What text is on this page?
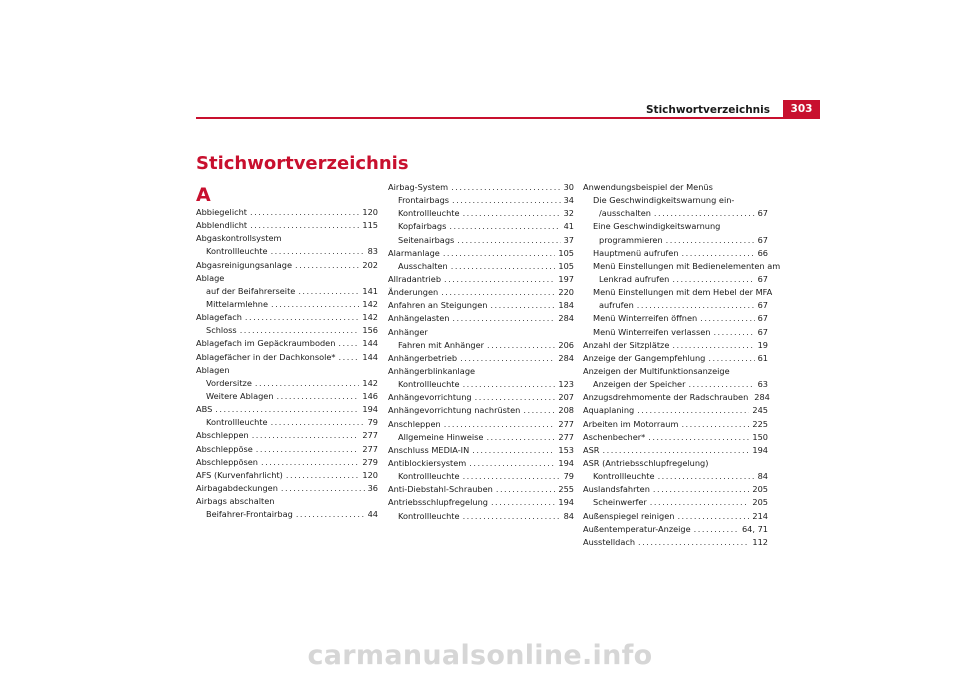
Stichwortverzeichnis	303
Stichwortverzeichnis
A
Abbiegelicht .....	120
Abblendlicht .....	115
Abgaskontrollsystem
Kontrollleuchte .....	83
Abgasreinigungsanlage .....	202
Ablage
auf der Beifahrerseite .....	141
Mittelarmlehne .....	142
Ablagefach .....	142
Schloss .....	156
Ablagefach im Gepäckraumboden .....	144
Ablagefächer in der Dachkonsole* .....	144
Ablagen
Vordersitze .....	142
Weitere Ablagen .....	146
ABS .....	194
Kontrollleuchte .....	79
Abschleppen .....	277
Abschleppöse .....	277
Abschleppösen .....	279
AFS (Kurvenfahrlicht) .....	120
Airbagabdeckungen .....	36
Airbags abschalten
Beifahrer-Frontairbag .....	44
Airbag-System .....	30
Frontairbags .....	34
Kontrollleuchte .....	32
Kopfairbags .....	41
Seitenairbags .....	37
Alarmanlage .....	105
Ausschalten .....	105
Allradantrieb .....	197
Änderungen .....	220
Anfahren an Steigungen .....	184
Anhängelasten .....	284
Anhänger
Fahren mit Anhänger .....	206
Anhängerbetrieb .....	284
Anhängerblinkanlage
Kontrollleuchte .....	123
Anhängevorrichtung .....	207
Anhängevorrichtung nachrüsten .....	208
Anschleppen .....	277
Allgemeine Hinweise .....	277
Anschluss MEDIA-IN .....	153
Antiblockiersystem .....	194
Kontrollleuchte .....	79
Anti-Diebstahl-Schrauben .....	255
Antriebsschlupfregelung .....	194
Kontrollleuchte .....	84
Anwendungsbeispiel der Menüs
Die Geschwindigkeitswarnung ein-
/ausschalten .....	67
Eine Geschwindigkeitswarnung
programmieren .....	67
Hauptmenü aufrufen .....	66
Menü Einstellungen mit Bedienelementen am
Lenkrad aufrufen .....	67
Menü Einstellungen mit dem Hebel der MFA
aufrufen .....	67
Menü Winterreifen öffnen .....	67
Menü Winterreifen verlassen .....	67
Anzahl der Sitzplätze .....	19
Anzeige der Gangempfehlung .....	61
Anzeigen der Multifunktionsanzeige
Anzeigen der Speicher .....	63
Anzugsdrehmomente der Radschrauben 284
Aquaplaning .....	245
Arbeiten im Motorraum .....	225
Aschenbecher* .....	150
ASR .....	194
ASR (Antriebsschlupfregelung)
Kontrollleuchte .....	84
Auslandsfahrten .....	205
Scheinwerfer .....	205
Außenspiegel reinigen .....	214
Außentemperatur-Anzeige .....	64, 71
Ausstelldach .....	112
carmanualsonline.info
